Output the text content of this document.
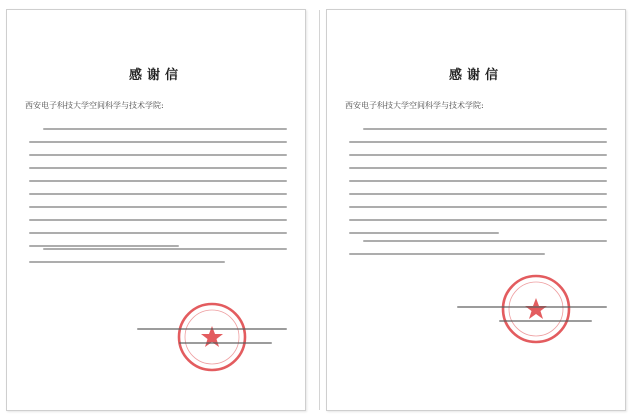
感谢信
西安电子科技大学空间科学与技术学院:
感谢信
西安电子科技大学空间科学与技术学院:
